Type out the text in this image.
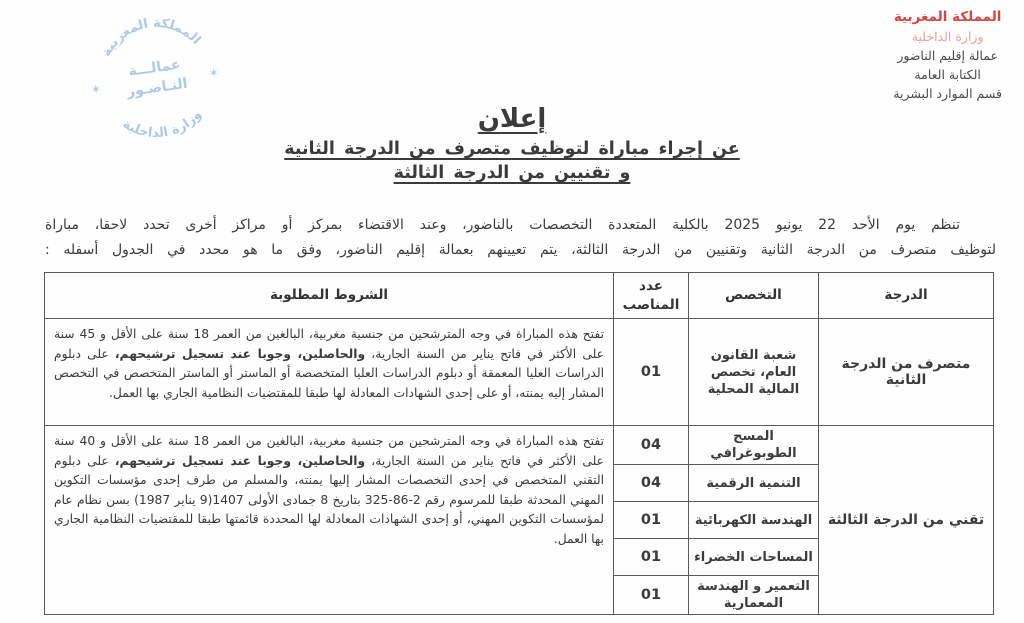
المملكة المغربية
وزارة الداخلية
عمالـــة
النـاضـور
✶
✶
المملكة المغربية
وزارة الداخلية
عمالة إقليم الناضور
الكتابة العامة
قسم الموارد البشرية
إعلان
عن إجراء مباراة لتوظيف متصرف من الدرجة الثانية
و تقنيين من الدرجة الثالثة
تنظم يوم الأحد 22 يونيو 2025 بالكلية المتعددة التخصصات بالناضور، وعند الاقتضاء بمركز أو مراكز أخرى تحدد لاحقا، مباراة
لتوظيف متصرف من الدرجة الثانية وتقنيين من الدرجة الثالثة، يتم تعيينهم بعمالة إقليم الناضور، وفق ما هو محدد في الجدول أسفله :
الدرجة	التخصص	عدد المناصب	الشروط المطلوبة
متصرف من الدرجة الثانية	شعبة القانون العام، تخصص المالية المحلية	01	تفتح هذه المباراة في وجه المترشحين من جنسية مغربية، البالغين من العمر 18 سنة على الأقل و 45 سنة على الأكثر في فاتح يناير من السنة الجارية، والحاصلين، وجوبا عند تسجيل ترشيحهم، على دبلوم الدراسات العليا المعمقة أو دبلوم الدراسات العليا المتخصصة أو الماستر أو الماستر المتخصص في التخصص المشار إليه يمنته، أو على إحدى الشهادات المعادلة لها طبقا للمقتضيات النظامية الجاري بها العمل.
تقني من الدرجة الثالثة	المسح الطوبوغرافي	04	تفتح هذه المباراة في وجه المترشحين من جنسية مغربية، البالغين من العمر 18 سنة على الأقل و 40 سنة على الأكثر في فاتح يناير من السنة الجارية، والحاصلين، وجوبا عند تسجيل ترشيحهم، على دبلوم التقني المتخصص في إحدى التخصصات المشار إليها يمنته، والمسلم من طرف إحدى مؤسسات التكوين المهني المحدثة طبقا للمرسوم رقم 2-86-325 بتاريخ 8 جمادى الأولى 1407(9 يناير 1987) بسن نظام عام لمؤسسات التكوين المهني، أو إحدى الشهادات المعادلة لها المحددة قائمتها طبقا للمقتضيات النظامية الجاري بها العمل.
	التنمية الرقمية	04	
	الهندسة الكهربائية	01	
	المساحات الخضراء	01	
	التعمير و الهندسة المعمارية	01	
